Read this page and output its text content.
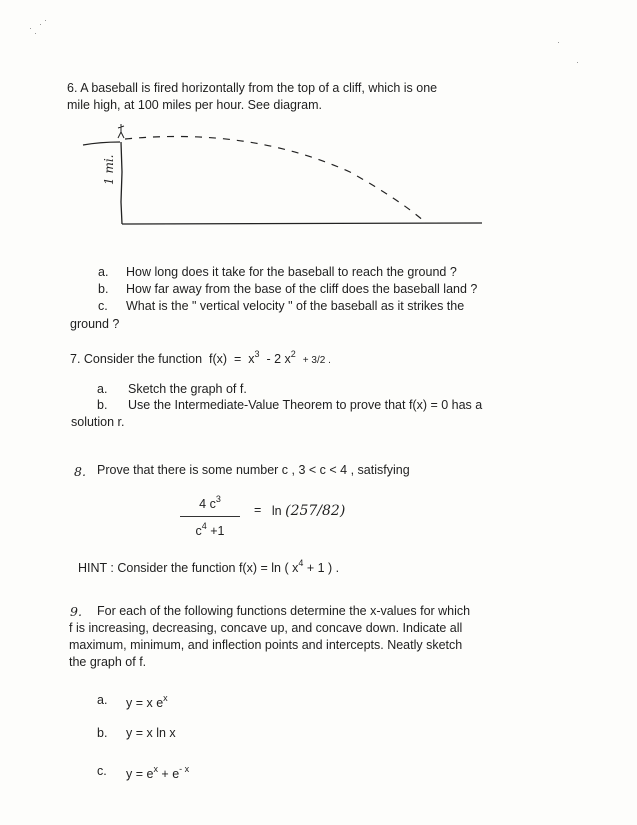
6. A baseball is fired horizontally from the top of a cliff, which is one
mile high, at 100 miles per hour. See diagram.
1 mi.
a. How long does it take for the baseball to reach the ground ?
b. How far away from the base of the cliff does the baseball land ?
c. What is the " vertical velocity " of the baseball as it strikes the
ground ?
7. Consider the function $f(x) = x^3 - 2$ $x^2 + 3/2$ .
a. Sketch the graph of f.
b. Use the Intermediate-Value Theorem to prove that f(x) = 0 has a
solution r.
8. Prove that there is some number c , 3 < c < 4 , satisfying
$\frac{4 c^3}{c^4 +1} = \ln (257/82)$
HINT : Consider the function f(x) = ln ( $x^4 + 1$ ) .
9. For each of the following functions determine the x-values for which
f is increasing, decreasing, concave up, and concave down. Indicate all
maximum, minimum, and inflection points and intercepts. Neatly sketch
the graph of f.
a. y = x $e^x$
b. y = x ln x
c. $y = e^x + e^{- x}$
